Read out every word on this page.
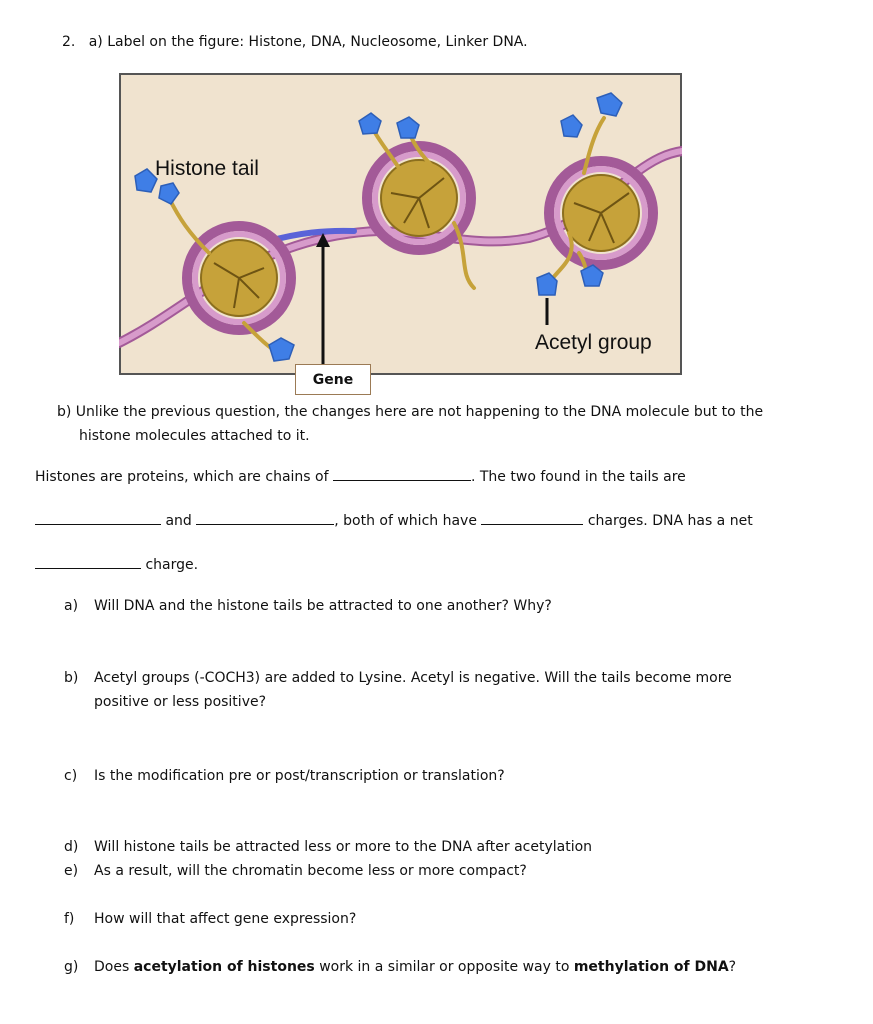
2. a) Label on the figure: Histone, DNA, Nucleosome, Linker DNA.
Histone tail
Acetyl group
Gene
b) Unlike the previous question, the changes here are not happening to the DNA molecule but to the
histone molecules attached to it.
Histones are proteins, which are chains of	. The two found in the tails are
and	, both of which have	charges. DNA has a net
charge.
a) Will DNA and the histone tails be attracted to one another? Why?
b) Acetyl groups (-COCH3) are added to Lysine. Acetyl is negative. Will the tails become more
positive or less positive?
c) Is the modification pre or post/transcription or translation?
d) Will histone tails be attracted less or more to the DNA after acetylation
e) As a result, will the chromatin become less or more compact?
f) How will that affect gene expression?
g) Does acetylation of histones work in a similar or opposite way to methylation of DNA?
